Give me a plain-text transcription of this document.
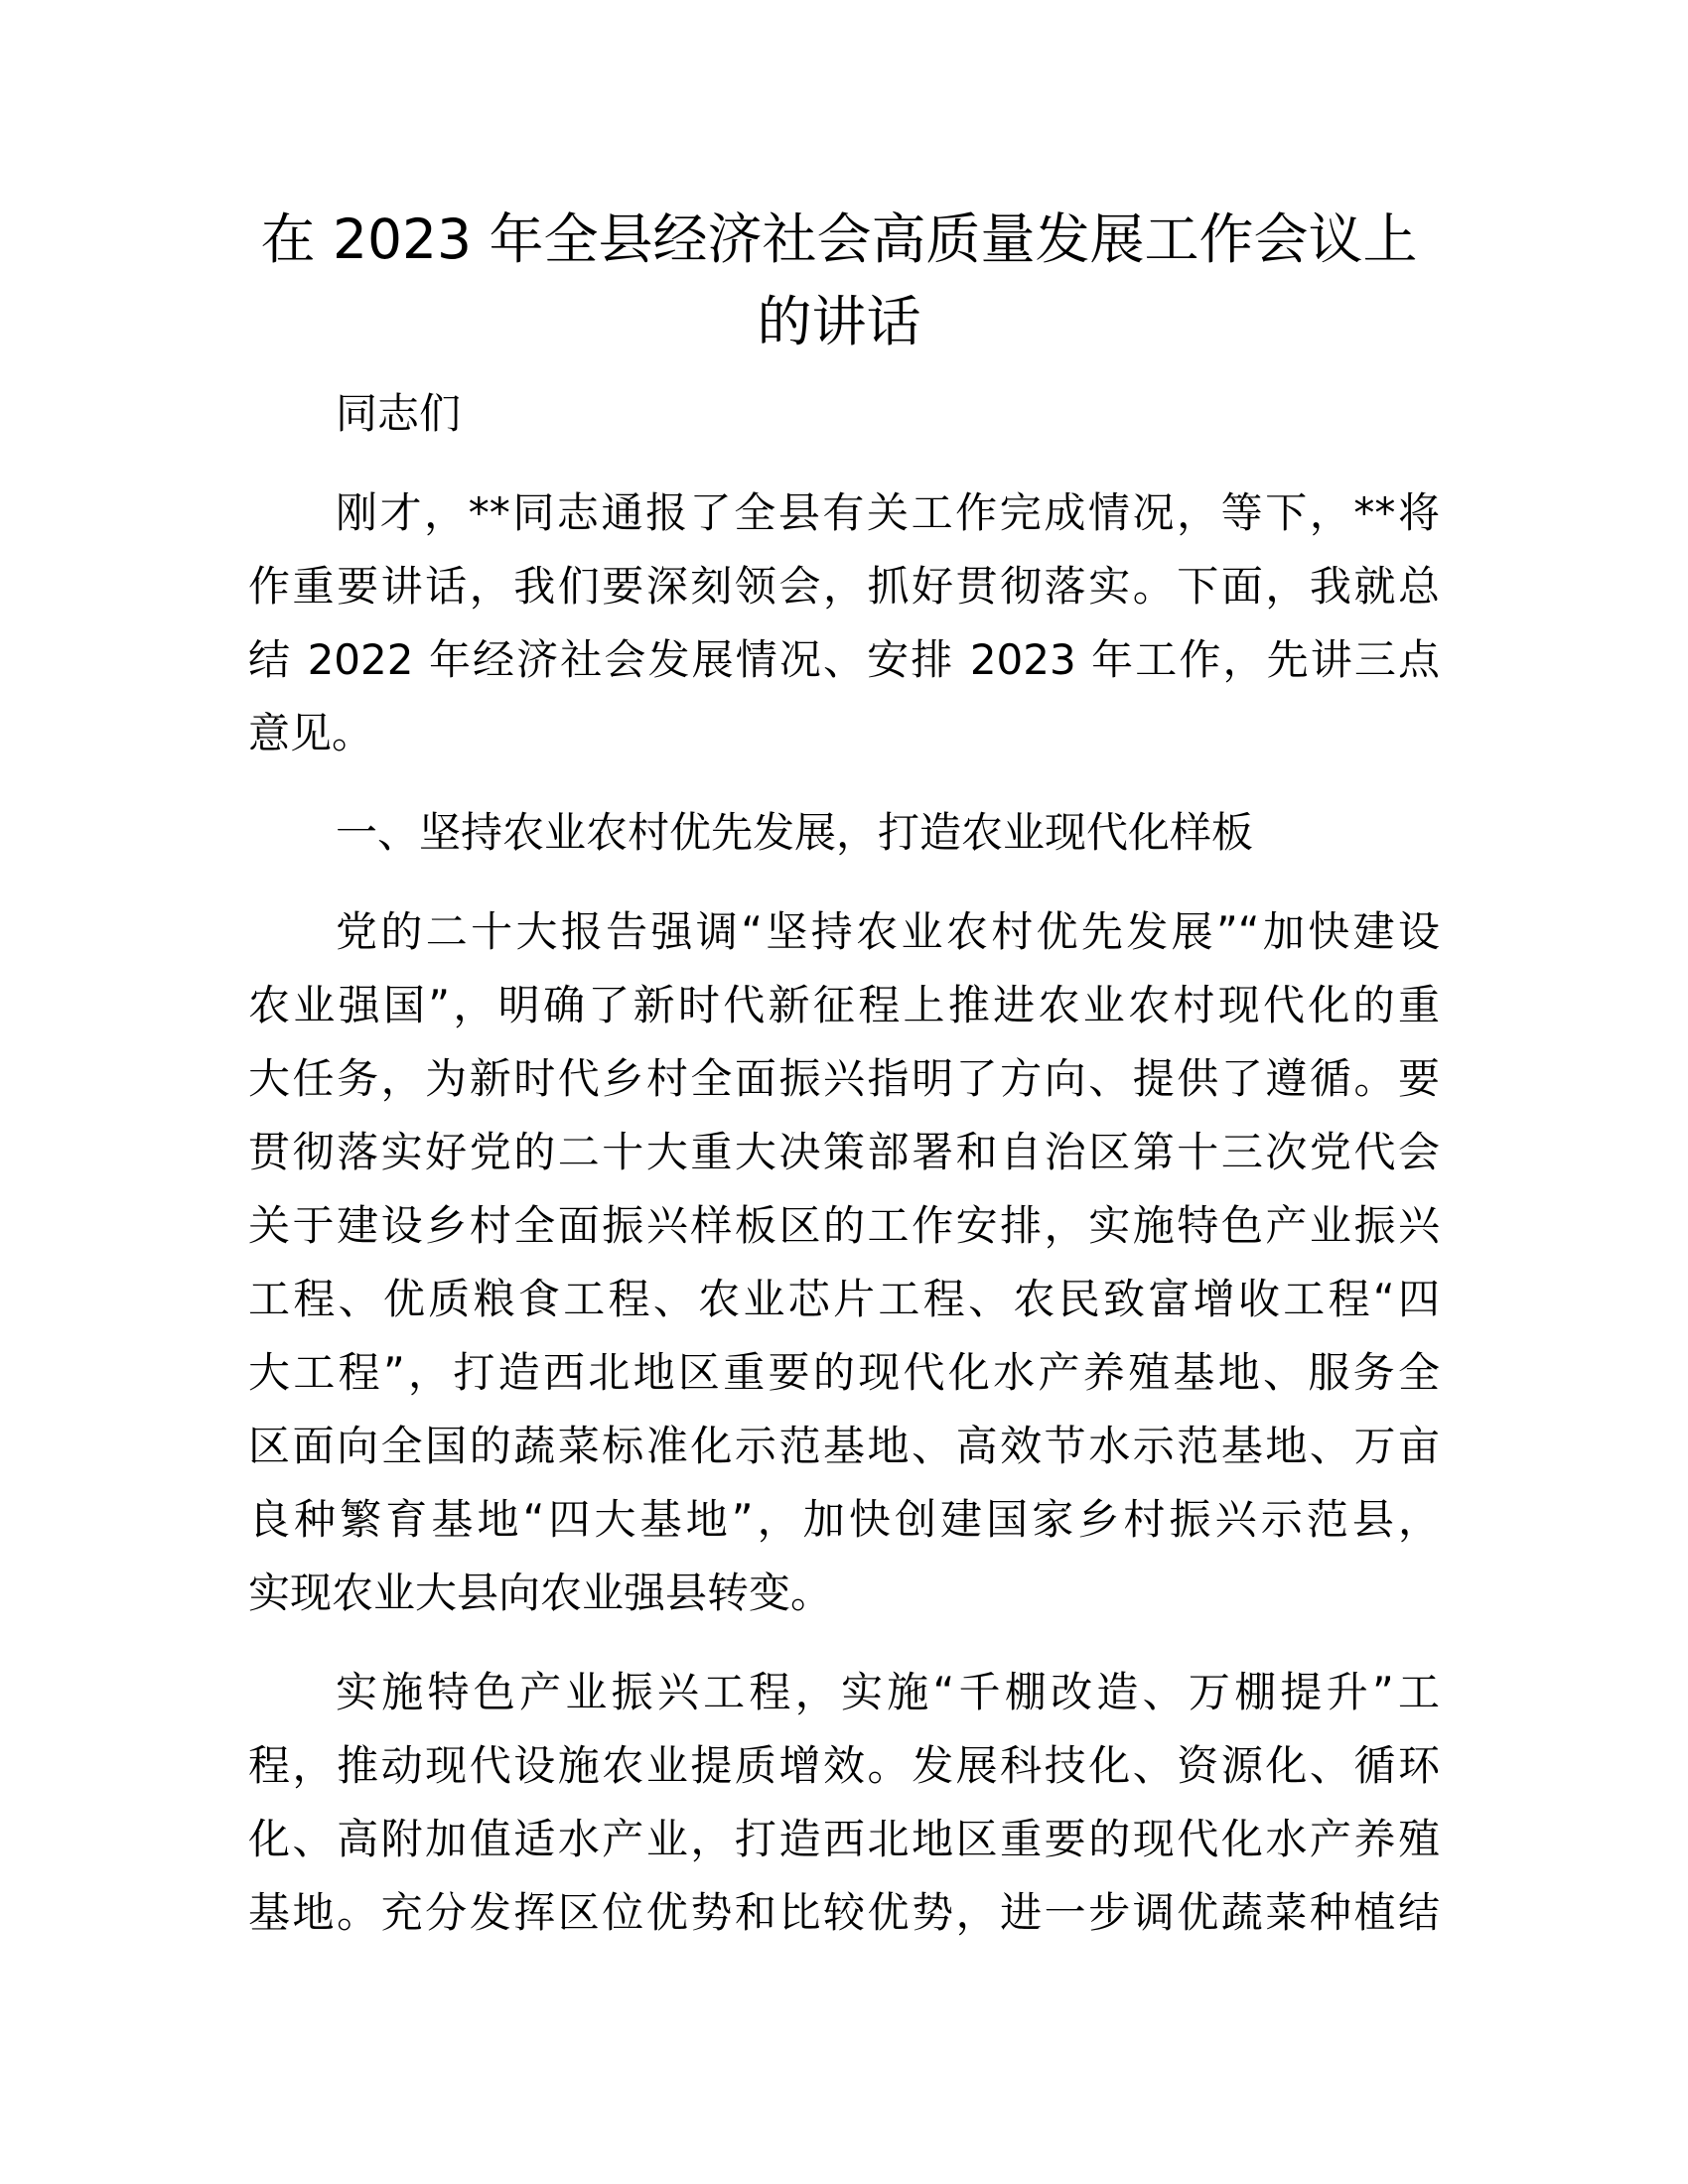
在 2023 年全县经济社会高质量发展工作会议上
的讲话

同志们

刚才，**同志通报了全县有关工作完成情况，等下，**将
作重要讲话，我们要深刻领会，抓好贯彻落实。下面，我就总
结 2022 年经济社会发展情况、安排 2023 年工作，先讲三点
意见。

一、坚持农业农村优先发展，打造农业现代化样板

党的二十大报告强调“坚持农业农村优先发展”“加快建设
农业强国”，明确了新时代新征程上推进农业农村现代化的重
大任务，为新时代乡村全面振兴指明了方向、提供了遵循。要
贯彻落实好党的二十大重大决策部署和自治区第十三次党代会
关于建设乡村全面振兴样板区的工作安排，实施特色产业振兴
工程、优质粮食工程、农业芯片工程、农民致富增收工程“四
大工程”，打造西北地区重要的现代化水产养殖基地、服务全
区面向全国的蔬菜标准化示范基地、高效节水示范基地、万亩
良种繁育基地“四大基地”，加快创建国家乡村振兴示范县，
实现农业大县向农业强县转变。

实施特色产业振兴工程，实施“千棚改造、万棚提升”工
程，推动现代设施农业提质增效。发展科技化、资源化、循环
化、高附加值适水产业，打造西北地区重要的现代化水产养殖
基地。充分发挥区位优势和比较优势，进一步调优蔬菜种植结
